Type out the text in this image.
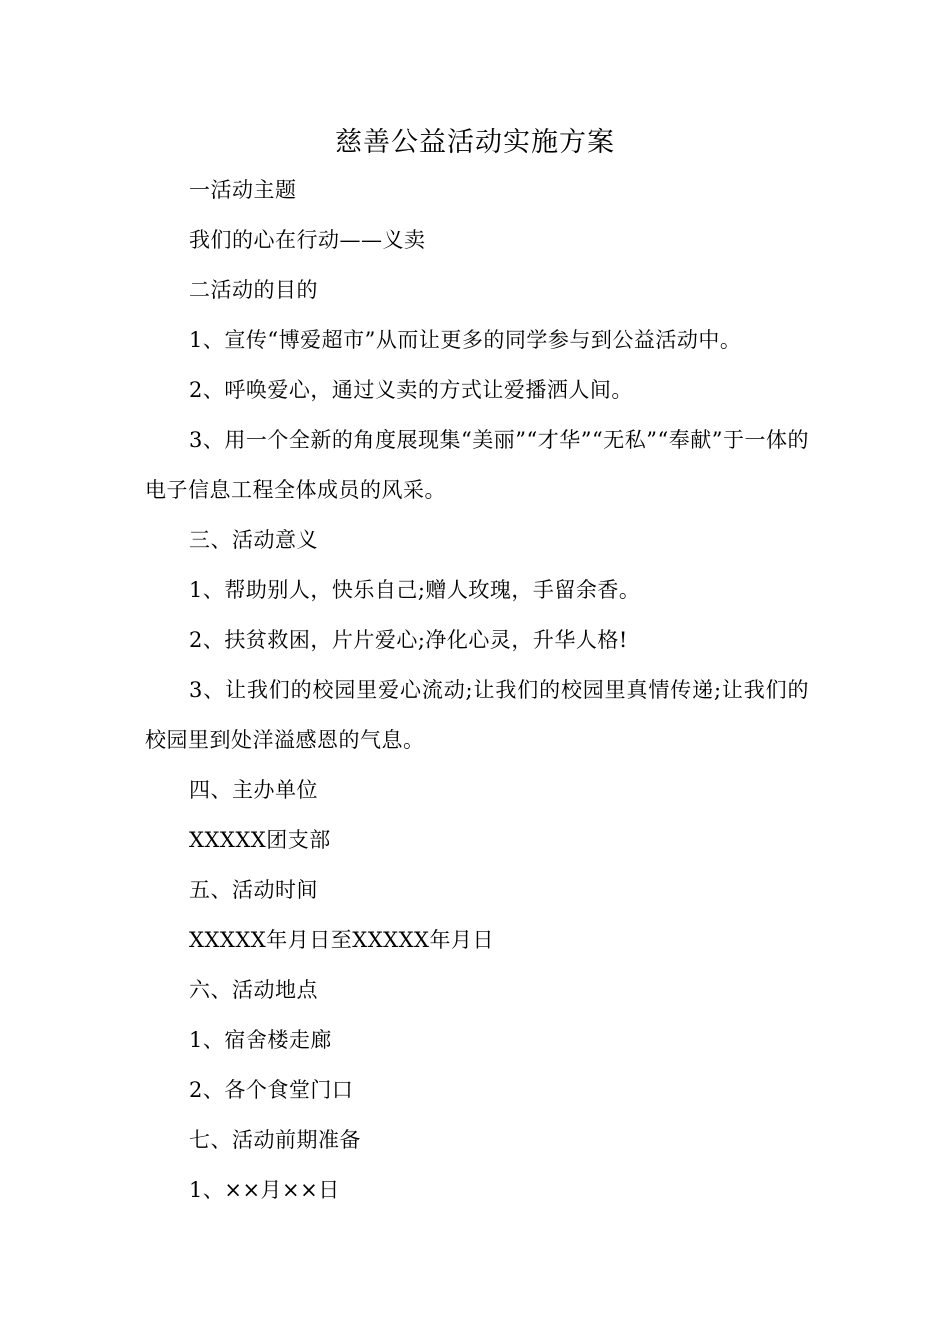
慈善公益活动实施方案

一活动主题

我们的心在行动——义卖

二活动的目的

1、宣传“博爱超市”从而让更多的同学参与到公益活动中。

2、呼唤爱心，通过义卖的方式让爱播洒人间。

3、用一个全新的角度展现集“美丽”“才华”“无私”“奉献”于一体的电子信息工程全体成员的风采。

三、活动意义

1、帮助别人，快乐自己;赠人玫瑰，手留余香。

2、扶贫救困，片片爱心;净化心灵，升华人格!

3、让我们的校园里爱心流动;让我们的校园里真情传递;让我们的校园里到处洋溢感恩的气息。

四、主办单位

XXXXX团支部

五、活动时间

XXXXX年月日至XXXXX年月日

六、活动地点

1、宿舍楼走廊

2、各个食堂门口

七、活动前期准备

1、××月××日
